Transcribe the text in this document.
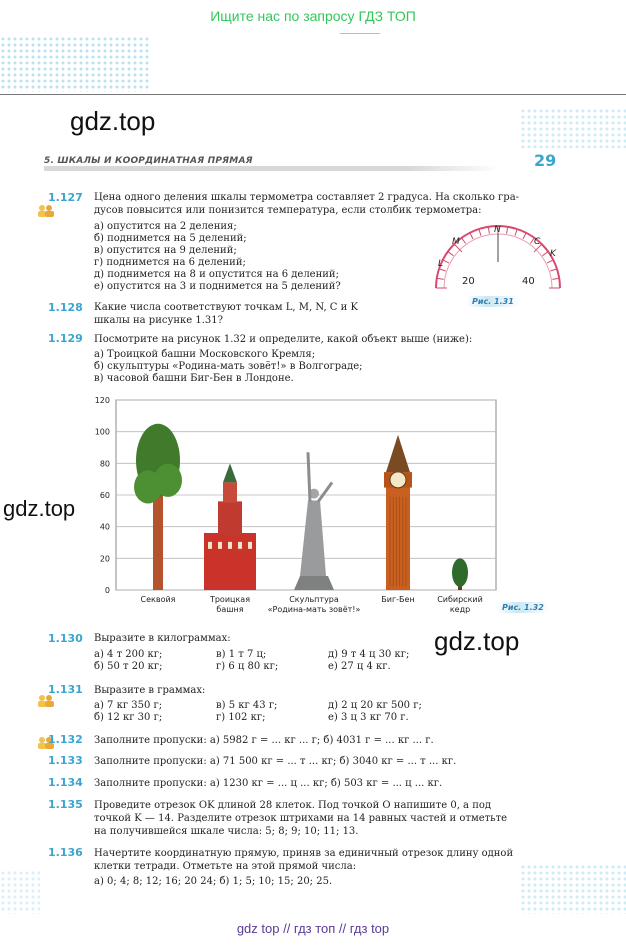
Ищите нас по запросу ГДЗ ТОП
5. ШКАЛЫ И КООРДИНАТНАЯ ПРЯМАЯ	29
gdz.top
gdz.top
gdz.top
1.127 Цена одного деления шкалы термометра составляет 2 градуса. На сколько гра-
дусов повысится или понизится температура, если столбик термометра:
а) опустится на 2 деления;
б) поднимется на 5 делений;
в) опустится на 9 делений;
г) поднимется на 6 делений;
д) поднимется на 8 и опустится на 6 делений;
е) опустится на 3 и поднимется на 5 делений?
L
M
N
C
K
20	40
Рис. 1.31
1.128 Какие числа соответствуют точкам L, M, N, C и K
шкалы на рисунке 1.31?
1.129 Посмотрите на рисунок 1.32 и определите, какой объект выше (ниже):
а) Троицкой башни Московского Кремля;
б) скульптуры «Родина-мать зовёт!» в Волгограде;
в) часовой башни Биг-Бен в Лондоне.
0
20
40
60
80
100
120
Секвойя	Троицкая
башня
Скульптура
«Родина-мать зовёт!»
Биг-Бен	Сибирский
кедр	Рис. 1.32
1.130 Выразите в килограммах:
а) 4 т 200 кг;	в) 1 т 7 ц;	д) 9 т 4 ц 30 кг;
б) 50 т 20 кг;	г) 6 ц 80 кг;	е) 27 ц 4 кг.
1.131 Выразите в граммах:
а) 7 кг 350 г;	в) 5 кг 43 г;	д) 2 ц 20 кг 500 г;
б) 12 кг 30 г;	г) 102 кг;	е) 3 ц 3 кг 70 г.
1.132 Заполните пропуски: а) 5982 г = ... кг ... г; б) 4031 г = ... кг ... г.
1.133 Заполните пропуски: а) 71 500 кг = ... т ... кг; б) 3040 кг = ... т ... кг.
1.134 Заполните пропуски: а) 1230 кг = ... ц ... кг; б) 503 кг = ... ц ... кг.
1.135 Проведите отрезок OK длиной 28 клеток. Под точкой O напишите 0, а под
точкой K — 14. Разделите отрезок штрихами на 14 равных частей и отметьте
на получившейся шкале числа: 5; 8; 9; 10; 11; 13.
1.136 Начертите координатную прямую, приняв за единичный отрезок длину одной
клетки тетради. Отметьте на этой прямой числа:
а) 0; 4; 8; 12; 16; 20 24; б) 1; 5; 10; 15; 20; 25.
gdz top // гдз топ // гдз top
